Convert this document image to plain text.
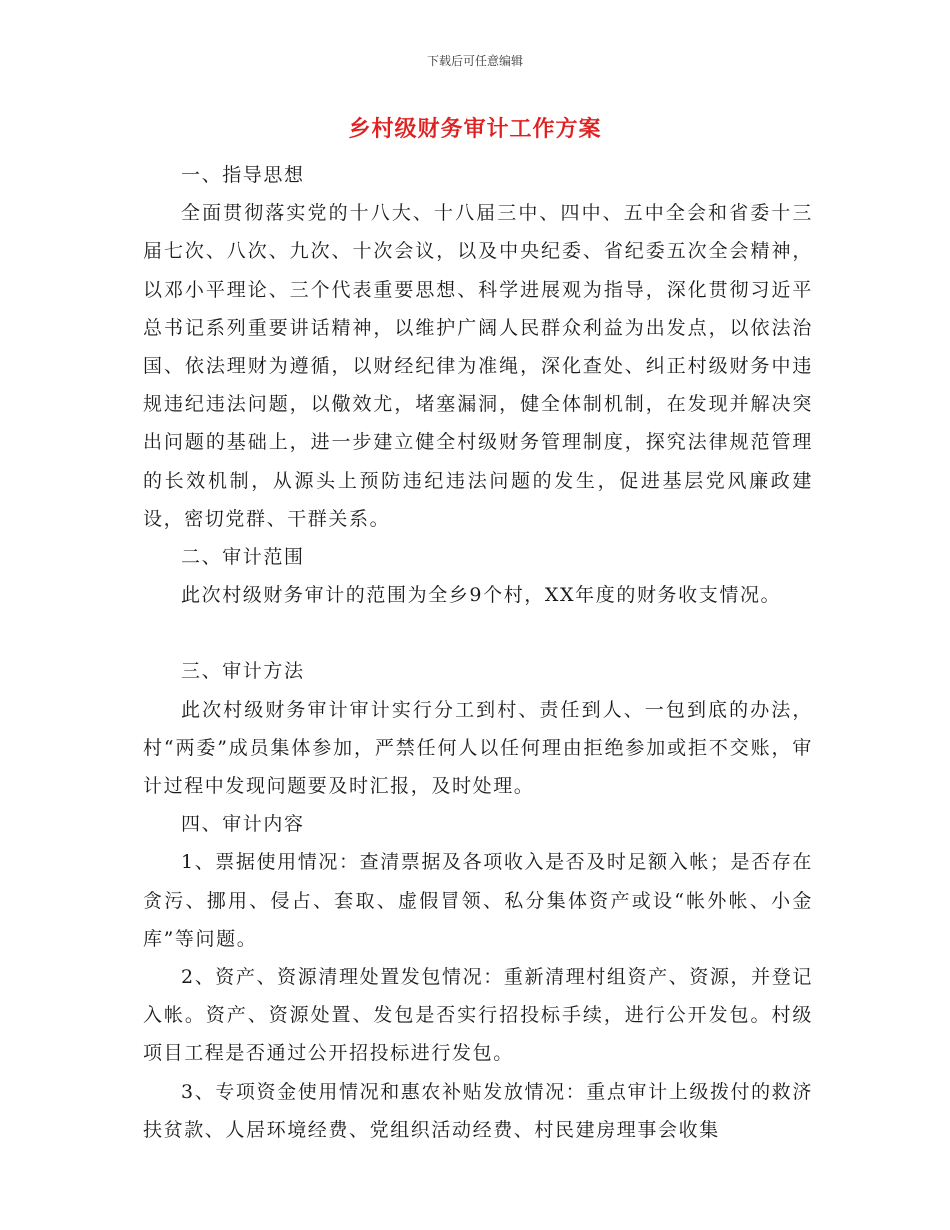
下载后可任意编辑
乡村级财务审计工作方案

一、指导思想

全面贯彻落实党的十八大、十八届三中、四中、五中全会和省委十三届七次、八次、九次、十次会议，以及中央纪委、省纪委五次全会精神，以邓小平理论、三个代表重要思想、科学进展观为指导，深化贯彻习近平总书记系列重要讲话精神，以维护广阔人民群众利益为出发点，以依法治国、依法理财为遵循，以财经纪律为准绳，深化查处、纠正村级财务中违规违纪违法问题，以儆效尤，堵塞漏洞，健全体制机制，在发现并解决突出问题的基础上，进一步建立健全村级财务管理制度，探究法律规范管理的长效机制，从源头上预防违纪违法问题的发生，促进基层党风廉政建设，密切党群、干群关系。

二、审计范围

此次村级财务审计的范围为全乡9个村，XX年度的财务收支情况。

三、审计方法

此次村级财务审计审计实行分工到村、责任到人、一包到底的办法，村“两委”成员集体参加，严禁任何人以任何理由拒绝参加或拒不交账，审计过程中发现问题要及时汇报，及时处理。

四、审计内容

1、票据使用情况：查清票据及各项收入是否及时足额入帐；是否存在贪污、挪用、侵占、套取、虚假冒领、私分集体资产或设“帐外帐、小金库”等问题。

2、资产、资源清理处置发包情况：重新清理村组资产、资源，并登记入帐。资产、资源处置、发包是否实行招投标手续，进行公开发包。村级项目工程是否通过公开招投标进行发包。

3、专项资金使用情况和惠农补贴发放情况：重点审计上级拨付的救济扶贫款、人居环境经费、党组织活动经费、村民建房理事会收集
